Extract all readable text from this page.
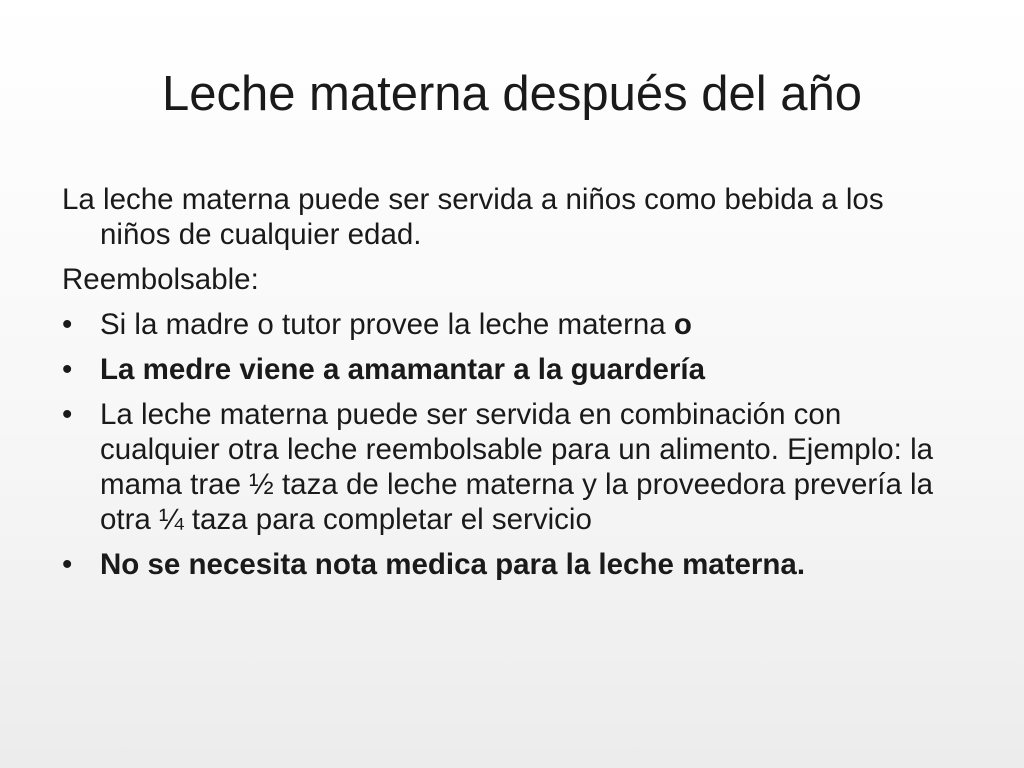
Leche materna después del año

La leche materna puede ser servida a niños como bebida a los niños de cualquier edad.

Reembolsable:

• Si la madre o tutor provee la leche materna o
• La medre viene a amamantar a la guardería
• La leche materna puede ser servida en combinación con cualquier otra leche reembolsable para un alimento. Ejemplo: la mama trae ½ taza de leche materna y la proveedora prevería la otra ¼ taza para completar el servicio
• No se necesita nota medica para la leche materna.
